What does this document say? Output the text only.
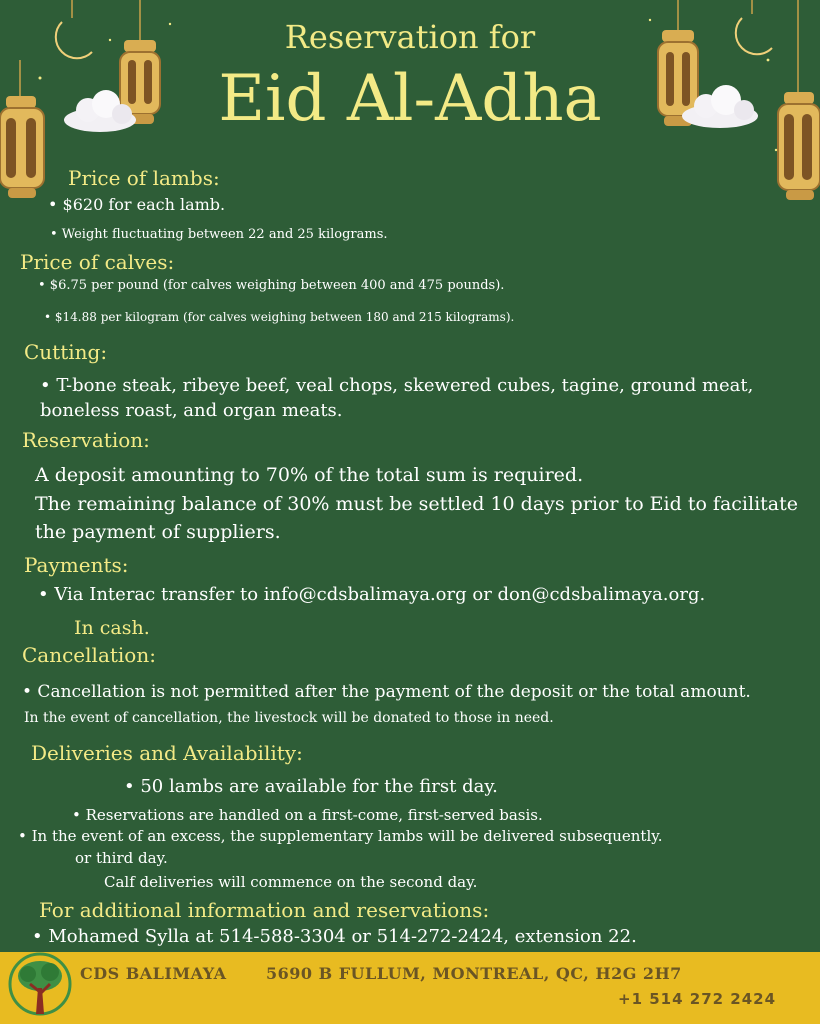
Reservation for
Eid Al-Adha
Price of lambs:
• $620 for each lamb.
• Weight fluctuating between 22 and 25 kilograms.
Price of calves:
• $6.75 per pound (for calves weighing between 400 and 475 pounds).
• $14.88 per kilogram (for calves weighing between 180 and 215 kilograms).
Cutting:
• T-bone steak, ribeye beef, veal chops, skewered cubes, tagine, ground meat,
boneless roast, and organ meats.
Reservation:
A deposit amounting to 70% of the total sum is required.
The remaining balance of 30% must be settled 10 days prior to Eid to facilitate
the payment of suppliers.
Payments:
• Via Interac transfer to info@cdsbalimaya.org or don@cdsbalimaya.org.
In cash.
Cancellation:
• Cancellation is not permitted after the payment of the deposit or the total amount.
In the event of cancellation, the livestock will be donated to those in need.
Deliveries and Availability:
• 50 lambs are available for the first day.
• Reservations are handled on a first-come, first-served basis.
• In the event of an excess, the supplementary lambs will be delivered subsequently.
or third day.
Calf deliveries will commence on the second day.
For additional information and reservations:
• Mohamed Sylla at 514-588-3304 or 514-272-2424, extension 22.
CDS BALIMAYA 5690 B FULLUM, MONTREAL, QC, H2G 2H7
+1 514 272 2424
